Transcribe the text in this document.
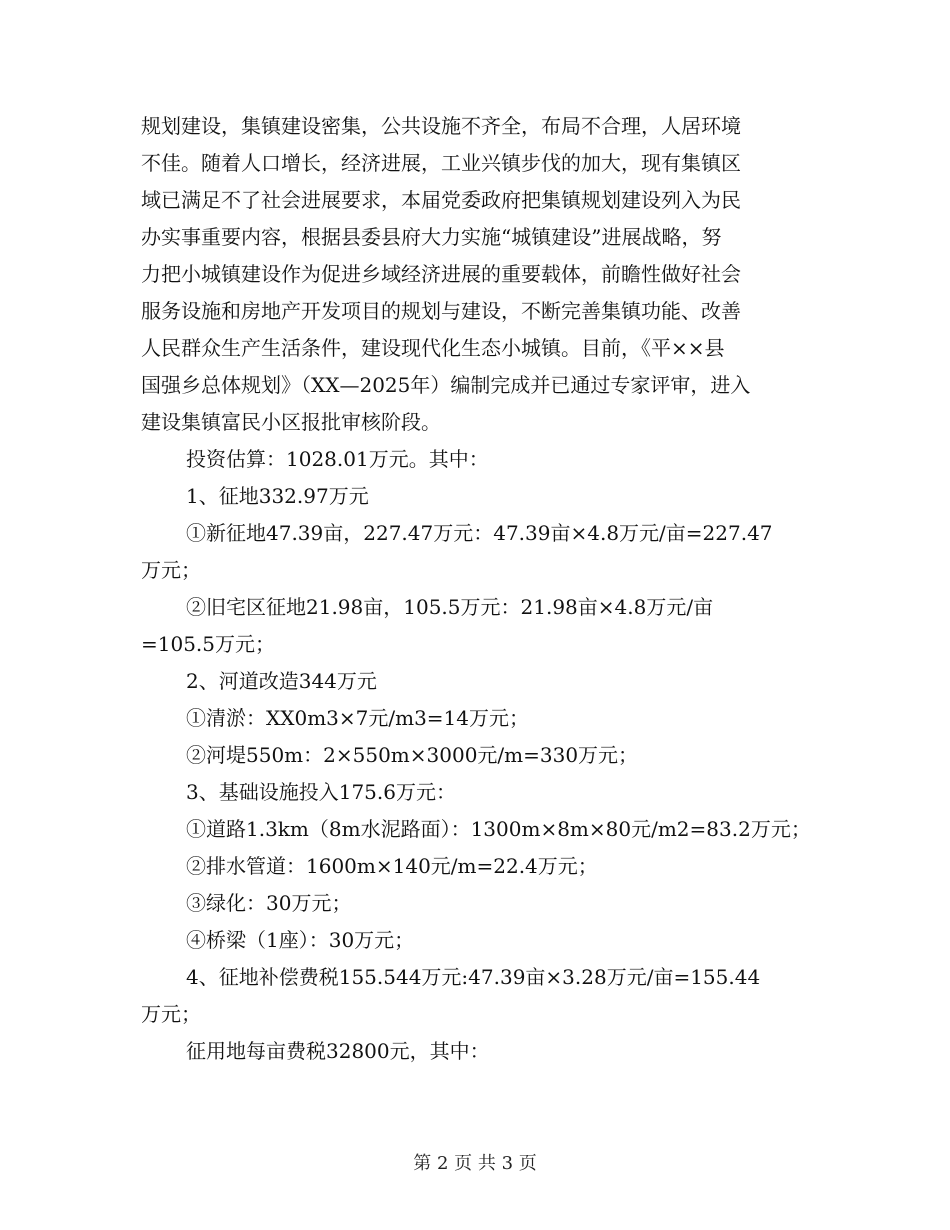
规划建设，集镇建设密集，公共设施不齐全，布局不合理，人居环境
不佳。随着人口增长，经济进展，工业兴镇步伐的加大，现有集镇区
域已满足不了社会进展要求，本届党委政府把集镇规划建设列入为民
办实事重要内容，根据县委县府大力实施“城镇建设”进展战略，努
力把小城镇建设作为促进乡域经济进展的重要载体，前瞻性做好社会
服务设施和房地产开发项目的规划与建设，不断完善集镇功能、改善
人民群众生产生活条件，建设现代化生态小城镇。目前，《平××县
国强乡总体规划》（XX—2025年）编制完成并已通过专家评审，进入
建设集镇富民小区报批审核阶段。
投资估算：1028.01万元。其中：
1、征地332.97万元
①新征地47.39亩，227.47万元：47.39亩×4.8万元/亩=227.47
万元；
②旧宅区征地21.98亩，105.5万元：21.98亩×4.8万元/亩
=105.5万元；
2、河道改造344万元
①清淤：XX0m3×7元/m3=14万元；
②河堤550m：2×550m×3000元/m=330万元；
3、基础设施投入175.6万元：
①道路1.3km（8m水泥路面）：1300m×8m×80元/m2=83.2万元；
②排水管道：1600m×140元/m=22.4万元；
③绿化：30万元；
④桥梁（1座）：30万元；
4、征地补偿费税155.544万元:47.39亩×3.28万元/亩=155.44
万元；
征用地每亩费税32800元，其中：
第 2 页 共 3 页
